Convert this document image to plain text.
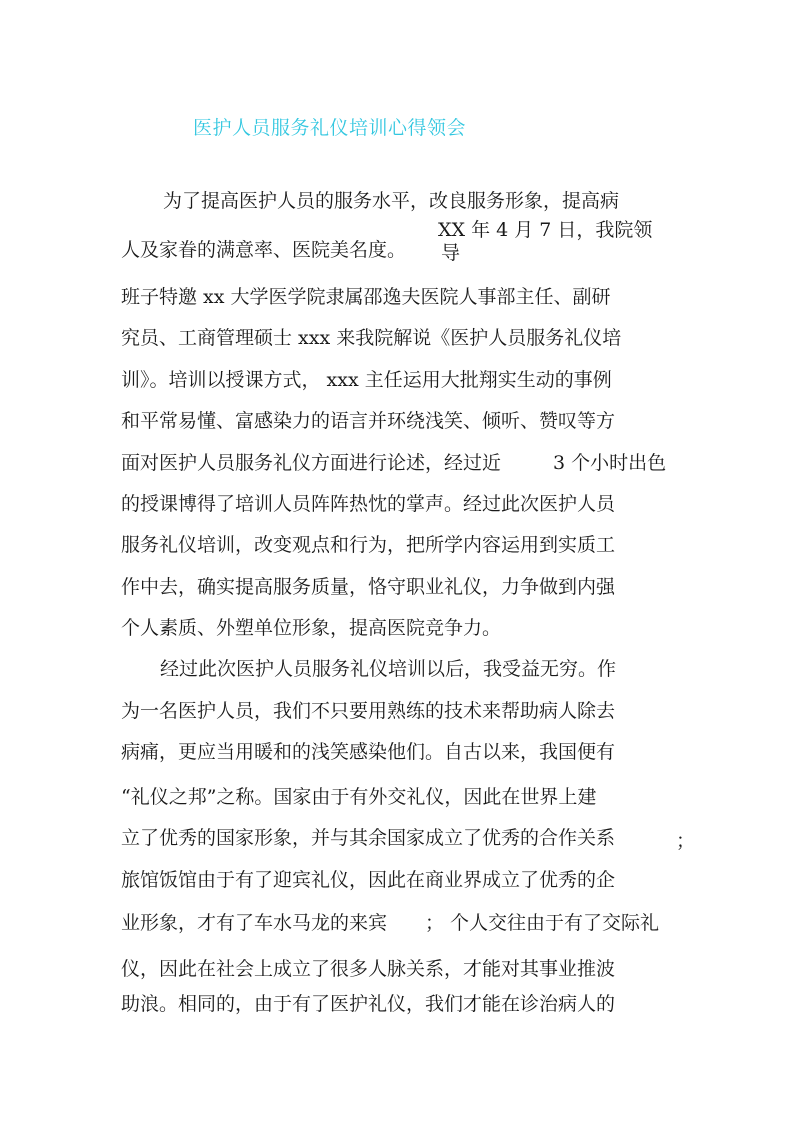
医护人员服务礼仪培训心得领会
为了提高医护人员的服务水平，改良服务形象，提高病
XX 年 4 月 7 日，我院领
人及家眷的满意率、医院美名度。 导
班子特邀 xx 大学医学院隶属邵逸夫医院人事部主任、副研
究员、工商管理硕士 xxx 来我院解说《医护人员服务礼仪培
训》。培训以授课方式， xxx 主任运用大批翔实生动的事例
和平常易懂、富感染力的语言并环绕浅笑、倾听、赞叹等方
面对医护人员服务礼仪方面进行论述，经过近	3 个小时出色
的授课博得了培训人员阵阵热忱的掌声。经过此次医护人员
服务礼仪培训，改变观点和行为，把所学内容运用到实质工
作中去，确实提高服务质量，恪守职业礼仪，力争做到内强
个人素质、外塑单位形象，提高医院竞争力。
经过此次医护人员服务礼仪培训以后，我受益无穷。作
为一名医护人员，我们不只要用熟练的技术来帮助病人除去
病痛，更应当用暖和的浅笑感染他们。自古以来，我国便有
“礼仪之邦”之称。国家由于有外交礼仪，因此在世界上建
立了优秀的国家形象，并与其余国家成立了优秀的合作关系	；
旅馆饭馆由于有了迎宾礼仪，因此在商业界成立了优秀的企
业形象，才有了车水马龙的来宾 ； 个人交往由于有了交际礼
仪，因此在社会上成立了很多人脉关系，才能对其事业推波
助浪。相同的，由于有了医护礼仪，我们才能在诊治病人的
